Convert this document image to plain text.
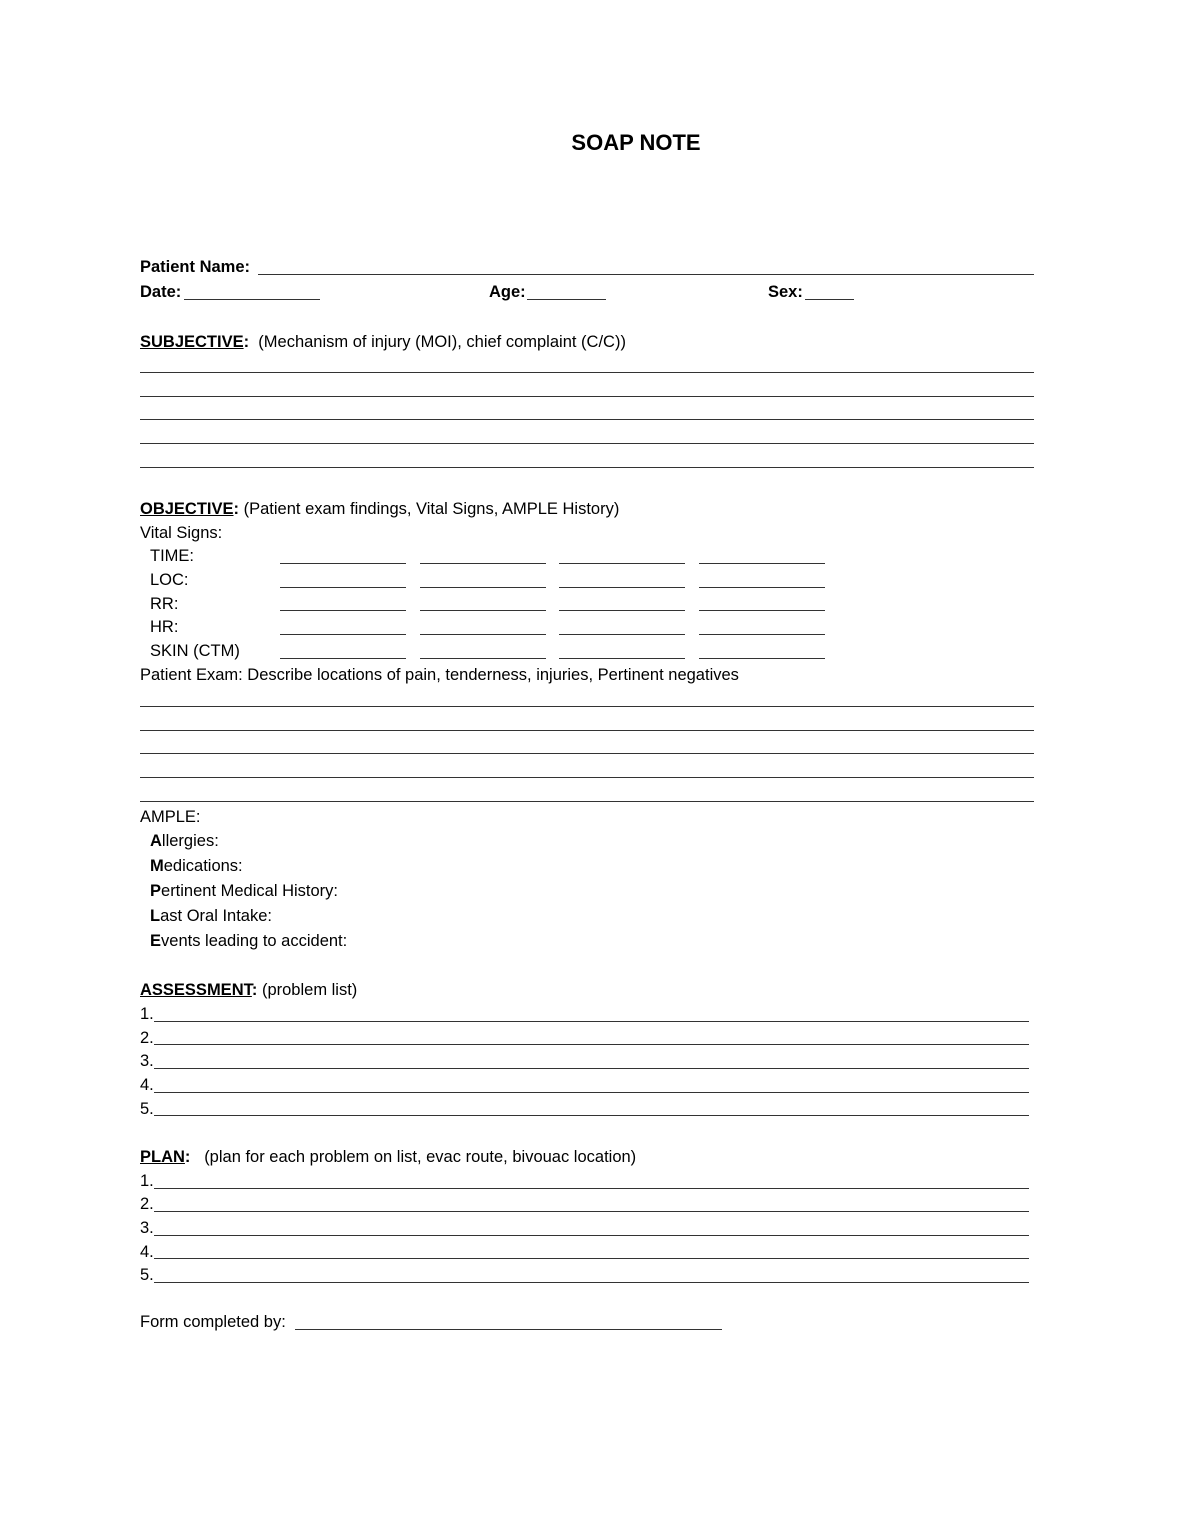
SOAP NOTE
Patient Name:
Date:	Age:	Sex:
SUBJECTIVE: (Mechanism of injury (MOI), chief complaint (C/C))
OBJECTIVE: (Patient exam findings, Vital Signs, AMPLE History)
Vital Signs:
TIME:
LOC:
RR:
HR:
SKIN (CTM)
Patient Exam: Describe locations of pain, tenderness, injuries, Pertinent negatives
AMPLE:
Allergies:
Medications:
Pertinent Medical History:
Last Oral Intake:
Events leading to accident:
ASSESSMENT: (problem list)
1.
2.
3.
4.
5.
PLAN: (plan for each problem on list, evac route, bivouac location)
1.
2.
3.
4.
5.
Form completed by:
